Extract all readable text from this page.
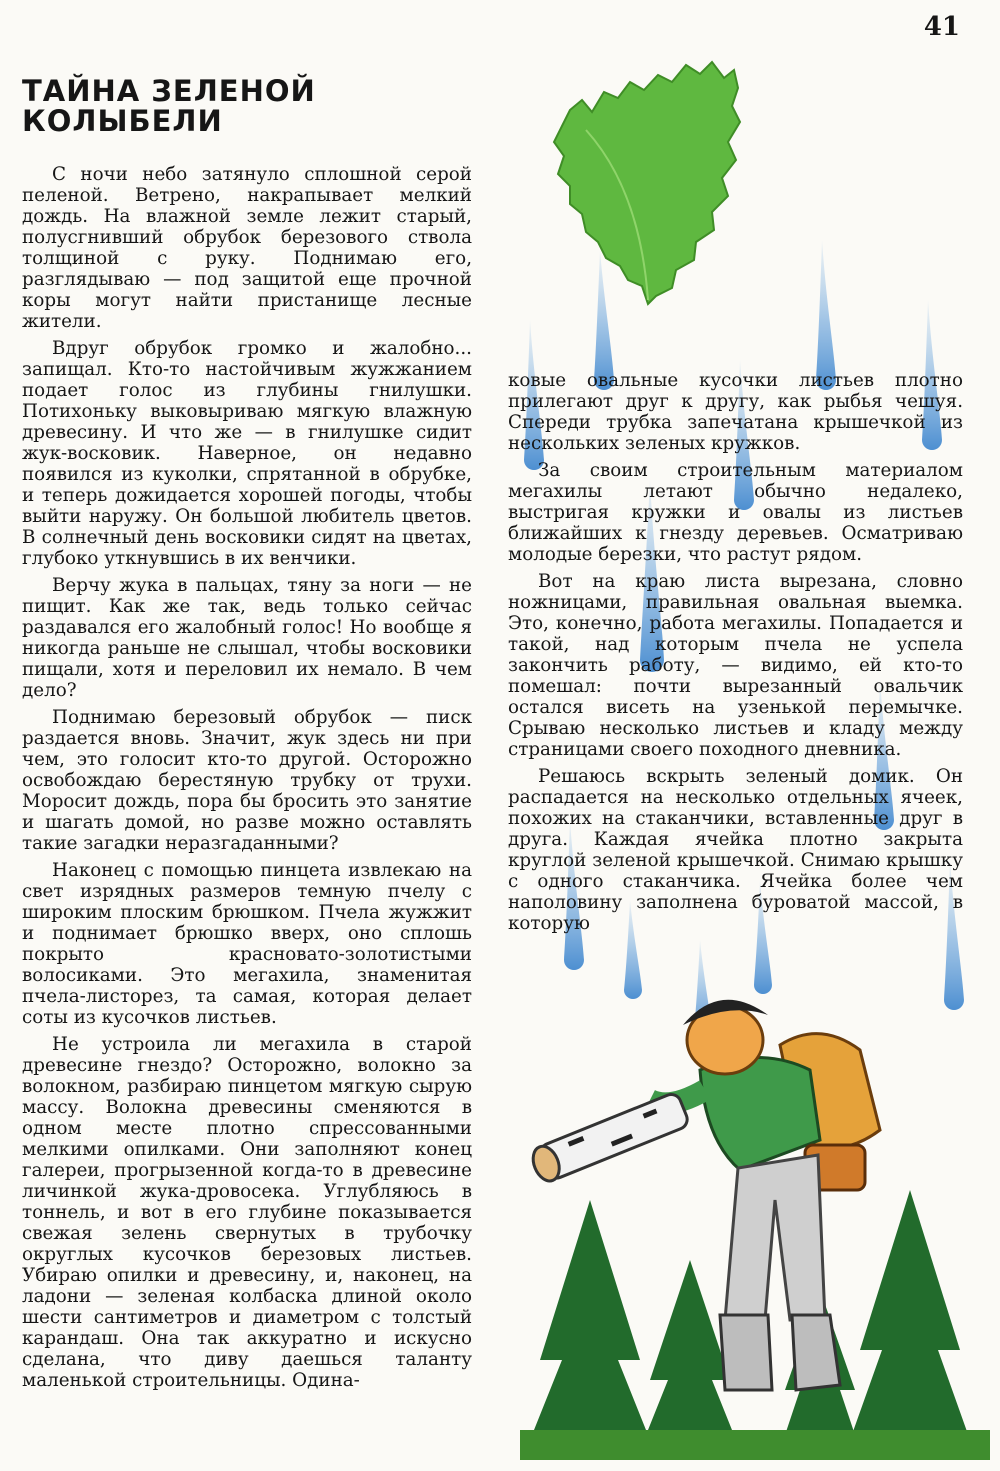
41
ТАЙНА ЗЕЛЕНОЙ
КОЛЫБЕЛИ

С ночи небо затянуло сплошной серой пеленой. Ветрено, накрапывает мелкий дождь. На влажной земле лежит старый, полусгнивший обрубок березового ствола толщиной с руку. Поднимаю его, разглядываю — под защитой еще прочной коры могут найти пристанище лесные жители.

Вдруг обрубок громко и жалобно... запищал. Кто-то настойчивым жужжанием подает голос из глубины гнилушки. Потихоньку выковыриваю мягкую влажную древесину. И что же — в гнилушке сидит жук-восковик. Наверное, он недавно появился из куколки, спрятанной в обрубке, и теперь дожидается хорошей погоды, чтобы выйти наружу. Он большой любитель цветов. В солнечный день восковики сидят на цветах, глубоко уткнувшись в их венчики.

Верчу жука в пальцах, тяну за ноги — не пищит. Как же так, ведь только сейчас раздавался его жалобный голос! Но вообще я никогда раньше не слышал, чтобы восковики пищали, хотя и переловил их немало. В чем дело?

Поднимаю березовый обрубок — писк раздается вновь. Значит, жук здесь ни при чем, это голосит кто-то другой. Осторожно освобождаю берестяную трубку от трухи. Моросит дождь, пора бы бросить это занятие и шагать домой, но разве можно оставлять такие загадки неразгаданными?

Наконец с помощью пинцета извлекаю на свет изрядных размеров темную пчелу с широким плоским брюшком. Пчела жужжит и поднимает брюшко вверх, оно сплошь покрыто красновато-золотистыми волосиками. Это мегахила, знаменитая пчела-листорез, та самая, которая делает соты из кусочков листьев.

Не устроила ли мегахила в старой древесине гнездо? Осторожно, волокно за волокном, разбираю пинцетом мягкую сырую массу. Волокна древесины сменяются в одном месте плотно спрессованными мелкими опилками. Они заполняют конец галереи, прогрызенной когда-то в древесине личинкой жука-дровосека. Углубляюсь в тоннель, и вот в его глубине показывается свежая зелень свернутых в трубочку округлых кусочков березовых листьев. Убираю опилки и древесину, и, наконец, на ладони — зеленая колбаска длиной около шести сантиметров и диаметром с толстый карандаш. Она так аккуратно и искусно сделана, что диву даешься таланту маленькой строительницы. Одина-

ковые овальные кусочки листьев плотно прилегают друг к другу, как рыбья чешуя. Спереди трубка запечатана крышечкой из нескольких зеленых кружков.

За своим строительным материалом мегахилы летают обычно недалеко, выстригая кружки и овалы из листьев ближайших к гнезду деревьев. Осматриваю молодые березки, что растут рядом.

Вот на краю листа вырезана, словно ножницами, правильная овальная выемка. Это, конечно, работа мегахилы. Попадается и такой, над которым пчела не успела закончить работу, — видимо, ей кто-то помешал: почти вырезанный овальчик остался висеть на узенькой перемычке. Срываю несколько листьев и кладу между страницами своего походного дневника.

Решаюсь вскрыть зеленый домик. Он распадается на несколько отдельных ячеек, похожих на стаканчики, вставленные друг в друга. Каждая ячейка плотно закрыта круглой зеленой крышечкой. Снимаю крышку с одного стаканчика. Ячейка более чем наполовину заполнена буроватой массой, в которую
